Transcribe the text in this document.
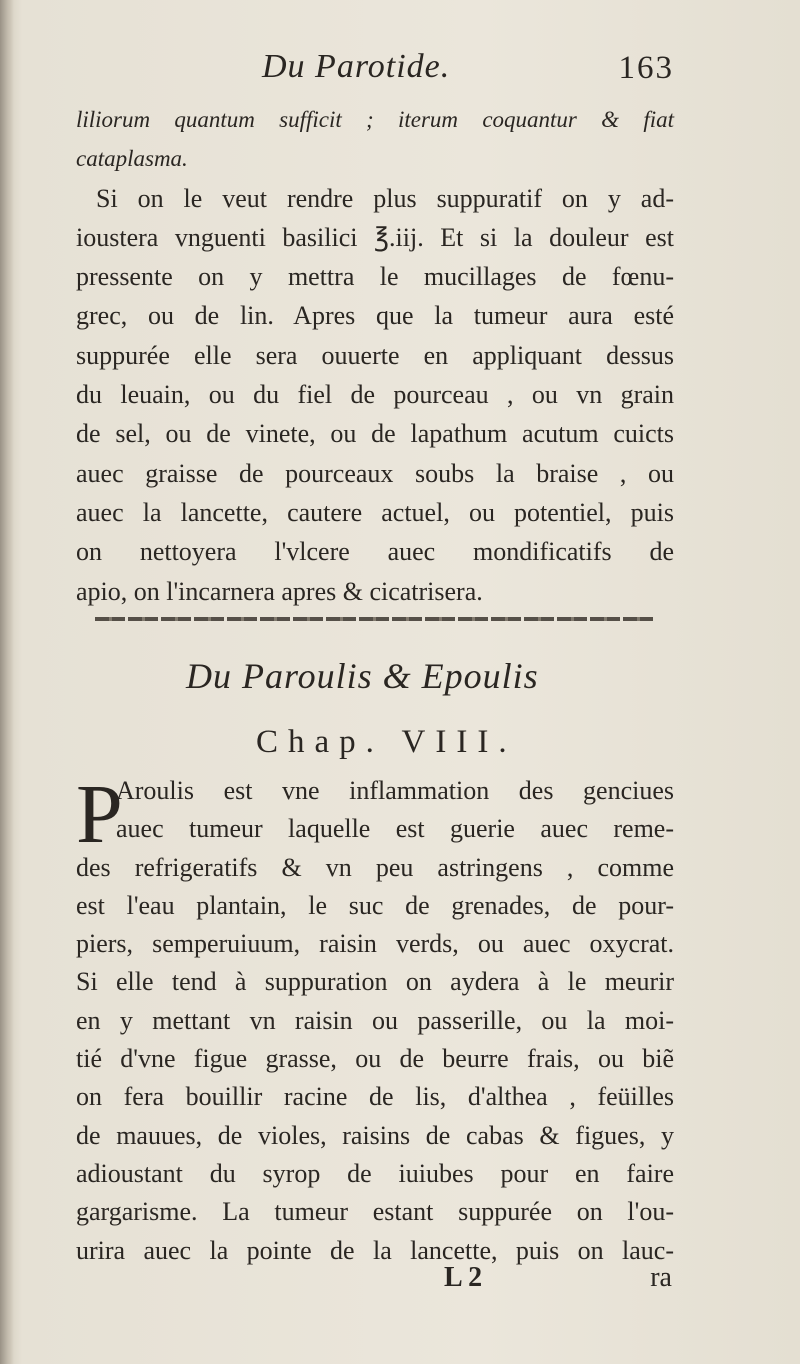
Du Parotide.	163
liliorum quantum sufficit ; iterum coquantur & fiat
cataplasma.
Si on le veut rendre plus suppuratif on y ad-
ioustera vnguenti basilici ℥.iij. Et si la douleur est
pressente on y mettra le mucillages de fœnu-
grec, ou de lin. Apres que la tumeur aura esté
suppurée elle sera ouuerte en appliquant dessus
du leuain, ou du fiel de pourceau , ou vn grain
de sel, ou de vinete, ou de lapathum acutum cuicts
auec graisse de pourceaux soubs la braise , ou
auec la lancette, cautere actuel, ou potentiel, puis
on nettoyera l'vlcere auec mondificatifs de
apio, on l'incarnera apres & cicatrisera.
Du Paroulis & Epoulis
Chap. VIII.
P
Aroulis est vne inflammation des genciues
auec tumeur laquelle est guerie auec reme-
des refrigeratifs & vn peu astringens , comme
est l'eau plantain, le suc de grenades, de pour-
piers, semperuiuum, raisin verds, ou auec oxycrat.
Si elle tend à suppuration on aydera à le meurir
en y mettant vn raisin ou passerille, ou la moi-
tié d'vne figue grasse, ou de beurre frais, ou biẽ
on fera bouillir racine de lis, d'althea , feüilles
de mauues, de violes, raisins de cabas & figues, y
adioustant du syrop de iuiubes pour en faire
gargarisme. La tumeur estant suppurée on l'ou-
urira auec la pointe de la lancette, puis on lauc-
L 2	ra
